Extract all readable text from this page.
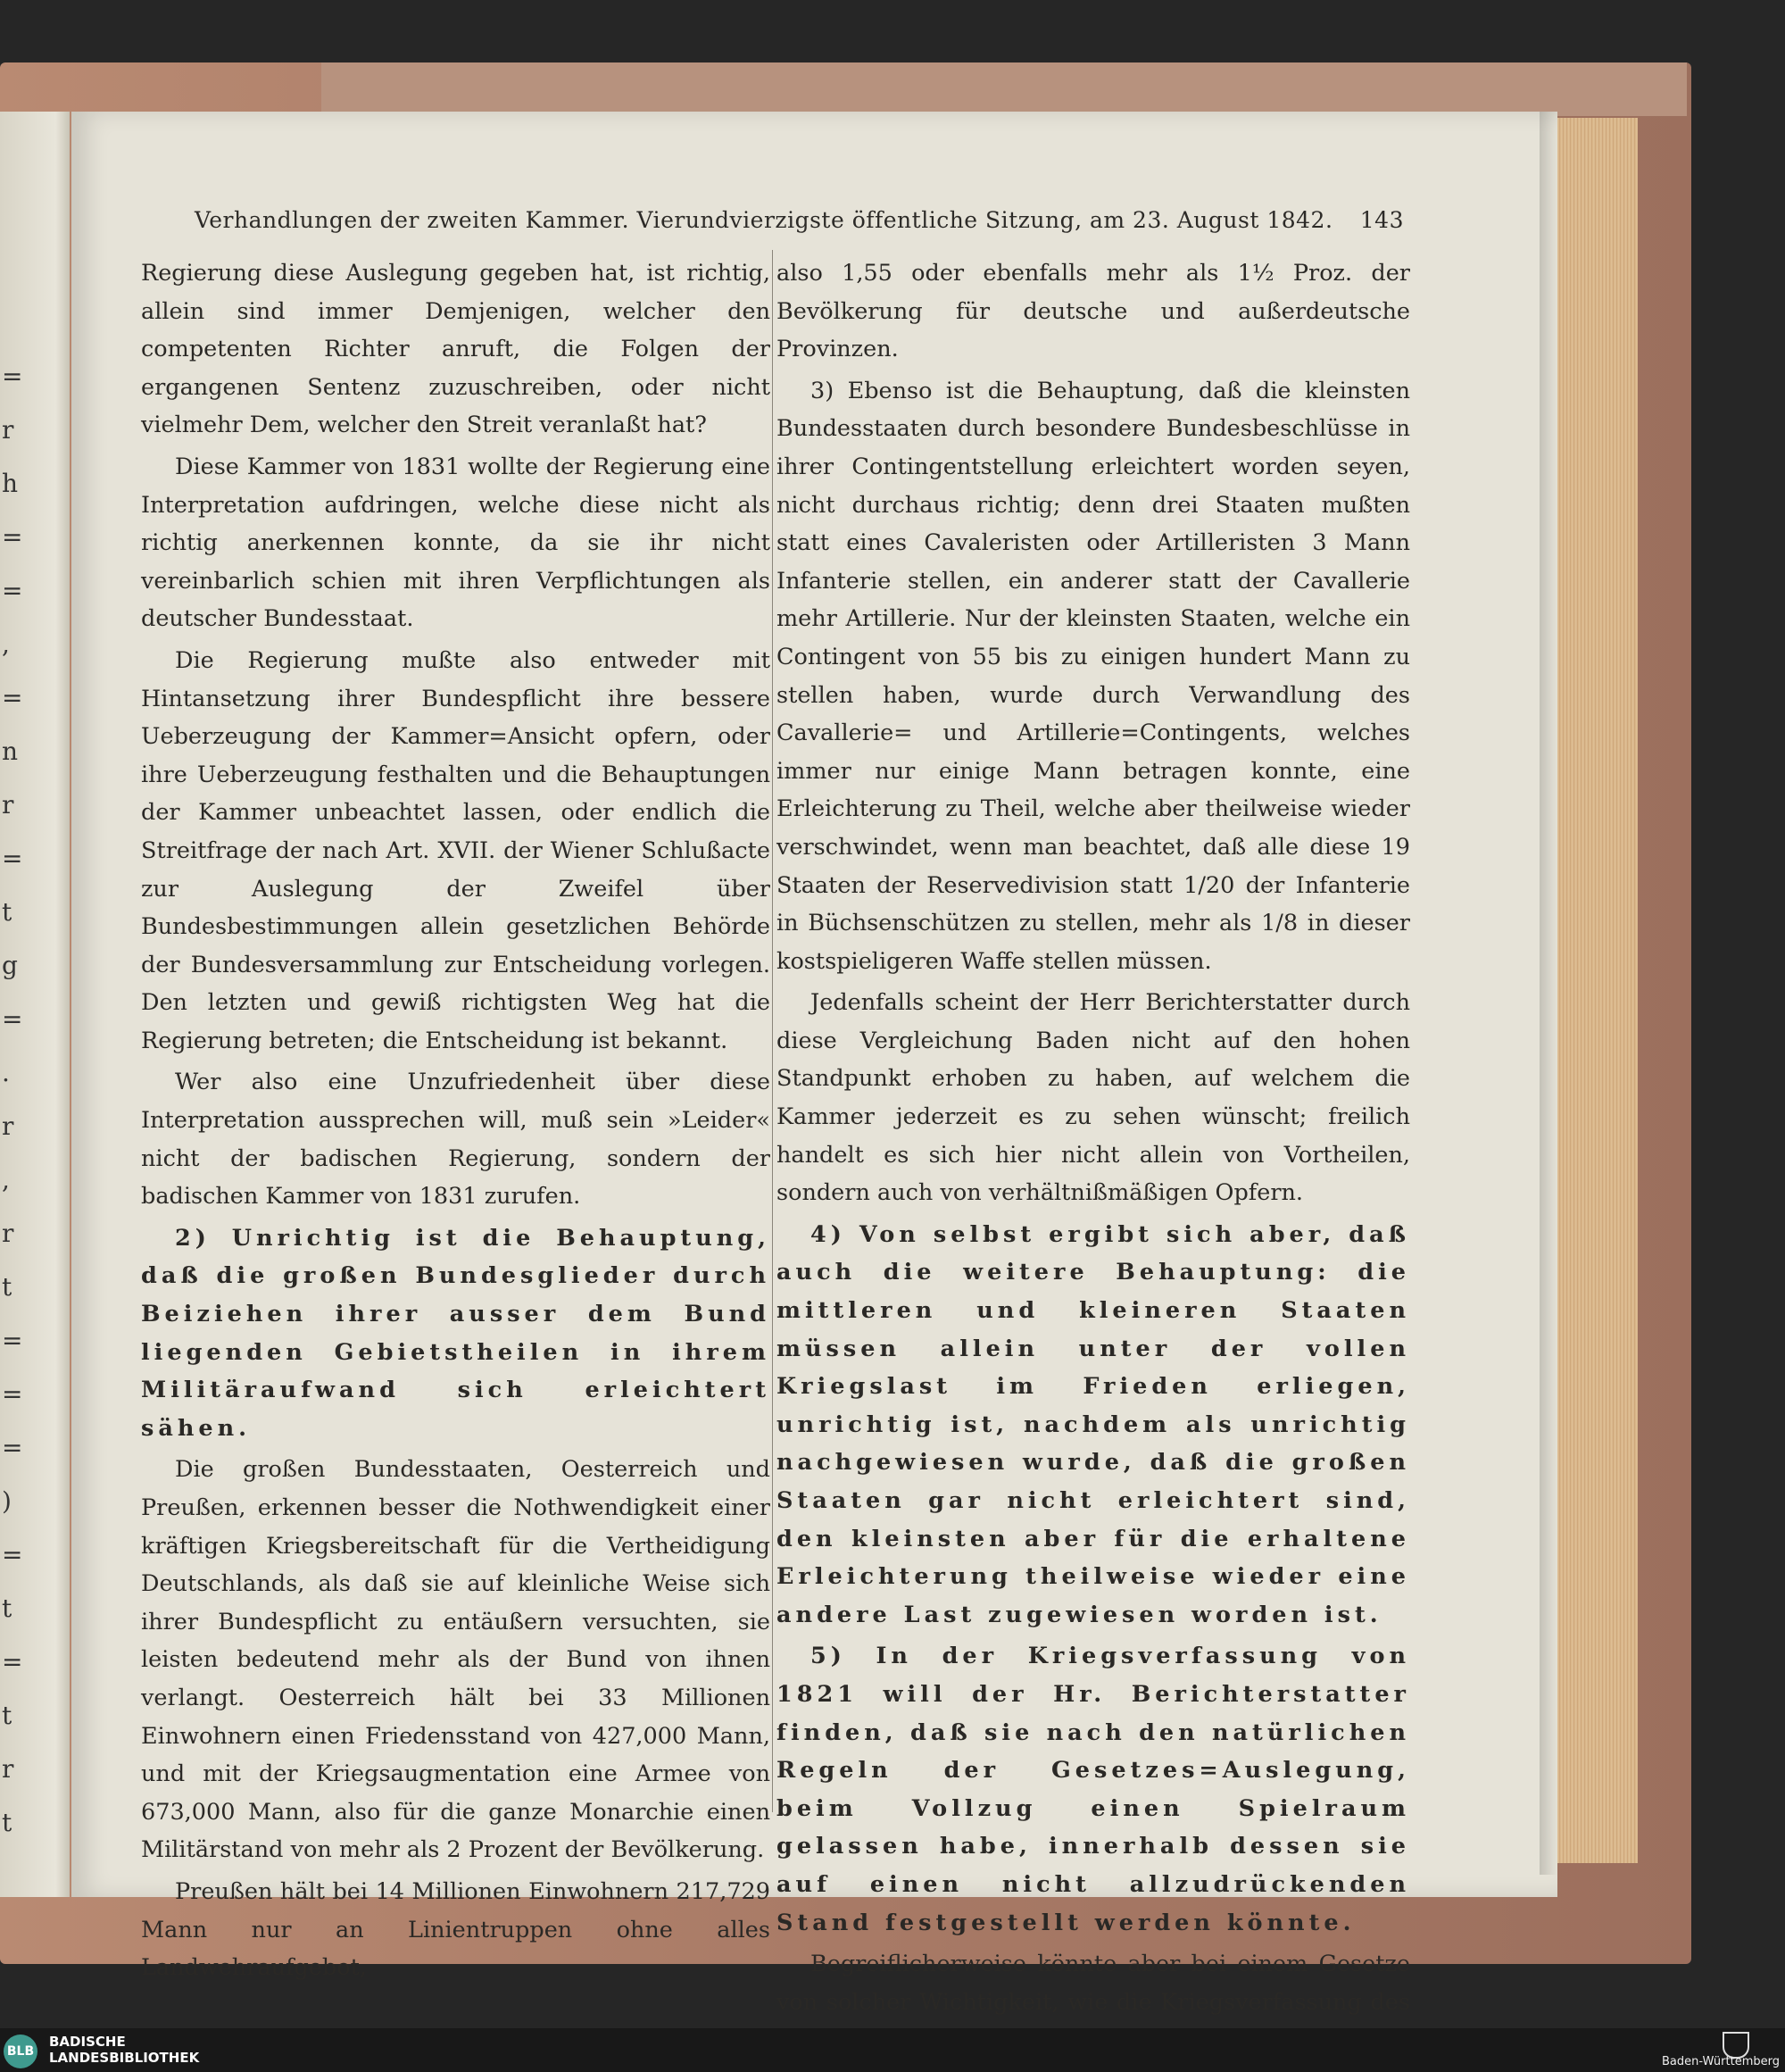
=
r
h
=
=
,
=
n
r
=
t
g
=
.
r
,
r
t
=
=
=
)
=
t
=
t
r
t
Verhandlungen der zweiten Kammer. Vierundvierzigste öffentliche Sitzung, am 23. August 1842. 143

Regierung diese Auslegung gegeben hat, ist richtig, allein sind immer Demjenigen, welcher den competenten Richter anruft, die Folgen der ergangenen Sentenz zuzuschreiben, oder nicht vielmehr Dem, welcher den Streit veranlaßt hat?

Diese Kammer von 1831 wollte der Regierung eine Interpretation aufdringen, welche diese nicht als richtig anerkennen konnte, da sie ihr nicht vereinbarlich schien mit ihren Verpflichtungen als deutscher Bundesstaat.

Die Regierung mußte also entweder mit Hintansetzung ihrer Bundespflicht ihre bessere Ueberzeugung der Kammer=Ansicht opfern, oder ihre Ueberzeugung festhalten und die Behauptungen der Kammer unbeachtet lassen, oder endlich die Streitfrage der nach Art. XVII. der Wiener Schlußacte zur Auslegung der Zweifel über Bundesbestimmungen allein gesetzlichen Behörde der Bundesversammlung zur Entscheidung vorlegen. Den letzten und gewiß richtigsten Weg hat die Regierung betreten; die Entscheidung ist bekannt.

Wer also eine Unzufriedenheit über diese Interpretation aussprechen will, muß sein »Leider« nicht der badischen Regierung, sondern der badischen Kammer von 1831 zurufen.

2) Unrichtig ist die Behauptung, daß die großen Bundesglieder durch Beiziehen ihrer ausser dem Bund liegenden Gebietstheilen in ihrem Militäraufwand sich erleichtert sähen.

Die großen Bundesstaaten, Oesterreich und Preußen, erkennen besser die Nothwendigkeit einer kräftigen Kriegsbereitschaft für die Vertheidigung Deutschlands, als daß sie auf kleinliche Weise sich ihrer Bundespflicht zu entäußern versuchten, sie leisten bedeutend mehr als der Bund von ihnen verlangt. Oesterreich hält bei 33 Millionen Einwohnern einen Friedensstand von 427,000 Mann, und mit der Kriegsaugmentation eine Armee von 673,000 Mann, also für die ganze Monarchie einen Militärstand von mehr als 2 Prozent der Bevölkerung.

Preußen hält bei 14 Millionen Einwohnern 217,729 Mann nur an Linientruppen ohne alles Landwehraufgebot,

also 1,55 oder ebenfalls mehr als 1½ Proz. der Bevölkerung für deutsche und außerdeutsche Provinzen.

3) Ebenso ist die Behauptung, daß die kleinsten Bundesstaaten durch besondere Bundesbeschlüsse in ihrer Contingentstellung erleichtert worden seyen, nicht durchaus richtig; denn drei Staaten mußten statt eines Cavaleristen oder Artilleristen 3 Mann Infanterie stellen, ein anderer statt der Cavallerie mehr Artillerie. Nur der kleinsten Staaten, welche ein Contingent von 55 bis zu einigen hundert Mann zu stellen haben, wurde durch Verwandlung des Cavallerie= und Artillerie=Contingents, welches immer nur einige Mann betragen konnte, eine Erleichterung zu Theil, welche aber theilweise wieder verschwindet, wenn man beachtet, daß alle diese 19 Staaten der Reservedivision statt 1/20 der Infanterie in Büchsenschützen zu stellen, mehr als 1/8 in dieser kostspieligeren Waffe stellen müssen.

Jedenfalls scheint der Herr Berichterstatter durch diese Vergleichung Baden nicht auf den hohen Standpunkt erhoben zu haben, auf welchem die Kammer jederzeit es zu sehen wünscht; freilich handelt es sich hier nicht allein von Vortheilen, sondern auch von verhältnißmäßigen Opfern.

4) Von selbst ergibt sich aber, daß auch die weitere Behauptung: die mittleren und kleineren Staaten müssen allein unter der vollen Kriegslast im Frieden erliegen, unrichtig ist, nachdem als unrichtig nachgewiesen wurde, daß die großen Staaten gar nicht erleichtert sind, den kleinsten aber für die erhaltene Erleichterung theilweise wieder eine andere Last zugewiesen worden ist.

5) In der Kriegsverfassung von 1821 will der Hr. Berichterstatter finden, daß sie nach den natürlichen Regeln der Gesetzes=Auslegung, beim Vollzug einen Spielraum gelassen habe, innerhalb dessen sie auf einen nicht allzudrückenden Stand festgestellt werden könnte.

Begreiflicherweise könnte aber bei einem Gesetze von solcher Wichtigkeit, wie die Kriegsverfassung des

BLB
BADISCHE
LANDESBIBLIOTHEK	Baden-Württemberg
